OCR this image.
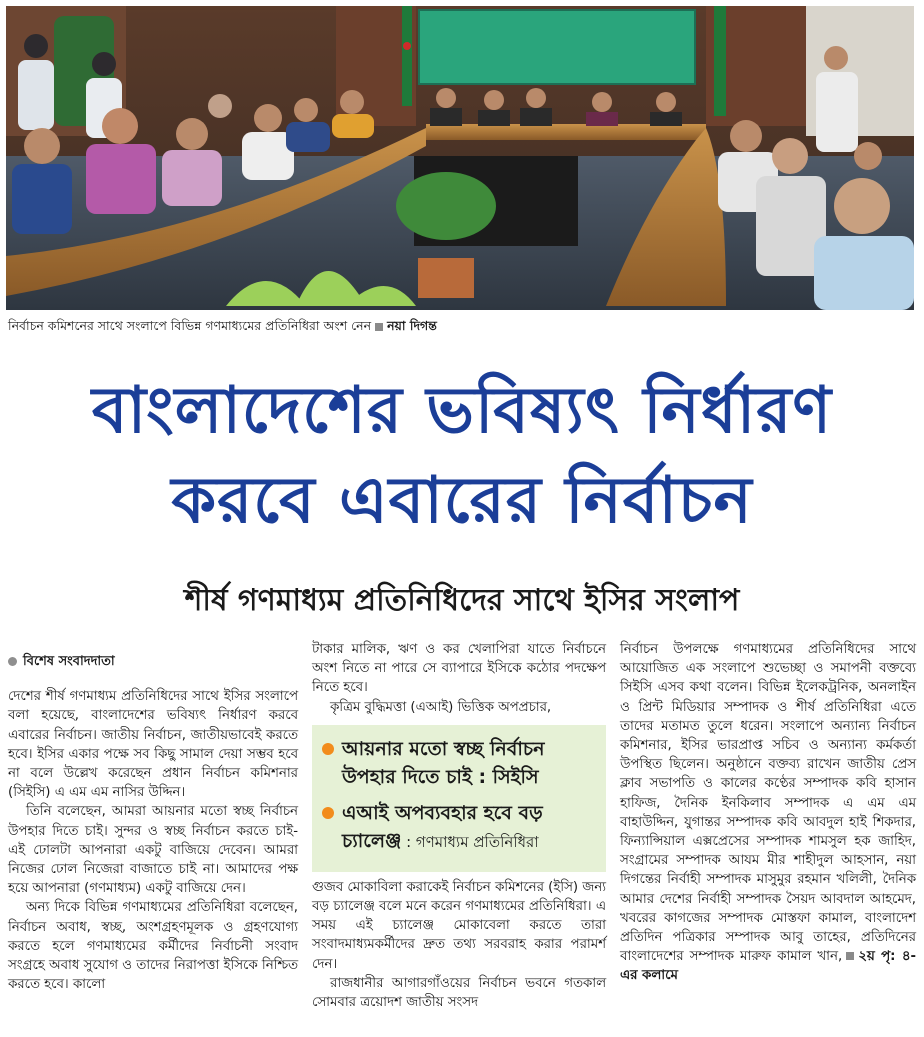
নির্বাচন কমিশনের সাথে সংলাপে বিভিন্ন গণমাধ্যমের প্রতিনিধিরা অংশ নেন নয়া দিগন্ত
বাংলাদেশের ভবিষ্যৎ নির্ধারণ
করবে এবারের নির্বাচন
শীর্ষ গণমাধ্যম প্রতিনিধিদের সাথে ইসির সংলাপ

বিশেষ সংবাদদাতা

দেশের শীর্ষ গণমাধ্যম প্রতিনিধিদের সাথে ইসির সংলাপে বলা হয়েছে, বাংলাদেশের ভবিষ্যৎ নির্ধারণ করবে এবারের নির্বাচন। জাতীয় নির্বাচন, জাতীয়ভাবেই করতে হবে। ইসির একার পক্ষে সব কিছু সামাল দেয়া সম্ভব হবে না বলে উল্লেখ করেছেন প্রধান নির্বাচন কমিশনার (সিইসি) এ এম এম নাসির উদ্দিন।

তিনি বলেছেন, আমরা আয়নার মতো স্বচ্ছ নির্বাচন উপহার দিতে চাই। সুন্দর ও স্বচ্ছ নির্বাচন করতে চাই- এই ঢোলটা আপনারা একটু বাজিয়ে দেবেন। আমরা নিজের ঢোল নিজেরা বাজাতে চাই না। আমাদের পক্ষ হয়ে আপনারা (গণমাধ্যম) একটু বাজিয়ে দেন।

অন্য দিকে বিভিন্ন গণমাধ্যমের প্রতিনিধিরা বলেছেন, নির্বাচন অবাধ, স্বচ্ছ, অংশগ্রহণমূলক ও গ্রহণযোগ্য করতে হলে গণমাধ্যমের কর্মীদের নির্বাচনী সংবাদ সংগ্রহে অবাধ সুযোগ ও তাদের নিরাপত্তা ইসিকে নিশ্চিত করতে হবে। কালো

টাকার মালিক, ঋণ ও কর খেলাপিরা যাতে নির্বাচনে অংশ নিতে না পারে সে ব্যাপারে ইসিকে কঠোর পদক্ষেপ নিতে হবে।

কৃত্রিম বুদ্ধিমত্তা (এআই) ভিত্তিক অপপ্রচার,

আয়নার মতো স্বচ্ছ নির্বাচন উপহার দিতে চাই : সিইসি
এআই অপব্যবহার হবে বড় চ্যালেঞ্জ : গণমাধ্যম প্রতিনিধিরা

গুজব মোকাবিলা করাকেই নির্বাচন কমিশনের (ইসি) জন্য বড় চ্যালেঞ্জ বলে মনে করেন গণমাধ্যমের প্রতিনিধিরা। এ সময় এই চ্যালেঞ্জ মোকাবেলা করতে তারা সংবাদমাধ্যমকর্মীদের দ্রুত তথ্য সরবরাহ করার পরামর্শ দেন।

রাজধানীর আগারগাঁওয়ের নির্বাচন ভবনে গতকাল সোমবার ত্রয়োদশ জাতীয় সংসদ

নির্বাচন উপলক্ষে গণমাধ্যমের প্রতিনিধিদের সাথে আয়োজিত এক সংলাপে শুভেচ্ছা ও সমাপনী বক্তব্যে সিইসি এসব কথা বলেন। বিভিন্ন ইলেকট্রনিক, অনলাইন ও প্রিন্ট মিডিয়ার সম্পাদক ও শীর্ষ প্রতিনিধিরা এতে তাদের মতামত তুলে ধরেন। সংলাপে অন্যান্য নির্বাচন কমিশনার, ইসির ভারপ্রাপ্ত সচিব ও অন্যান্য কর্মকর্তা উপস্থিত ছিলেন। অনুষ্ঠানে বক্তব্য রাখেন জাতীয় প্রেস ক্লাব সভাপতি ও কালের কণ্ঠের সম্পাদক কবি হাসান হাফিজ, দৈনিক ইনকিলাব সম্পাদক এ এম এম বাহাউদ্দিন, যুগান্তর সম্পাদক কবি আবদুল হাই শিকদার, ফিন্যান্সিয়াল এক্সপ্রেসের সম্পাদক শামসুল হক জাহিদ, সংগ্রামের সম্পাদক আযম মীর শাহীদুল আহসান, নয়া দিগন্তের নির্বাহী সম্পাদক মাসুমুর রহমান খলিলী, দৈনিক আমার দেশের নির্বাহী সম্পাদক সৈয়দ আবদাল আহমেদ, খবরের কাগজের সম্পাদক মোস্তফা কামাল, বাংলাদেশ প্রতিদিন পত্রিকার সম্পাদক আবু তাহের, প্রতিদিনের বাংলাদেশের সম্পাদক মারুফ কামাল খান, ২য় পৃ: ৪-এর কলামে
